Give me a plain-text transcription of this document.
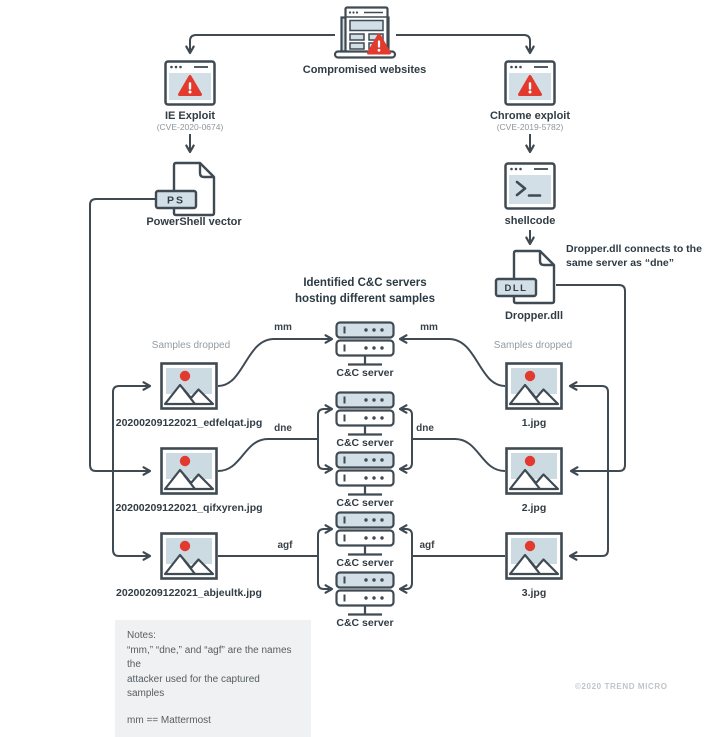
Compromised websites
IE Exploit
(CVE-2020-0674)
Chrome exploit
(CVE-2019-5782)
PS
PowerShell vector	shellcode
DLL
Dropper.dll
Dropper.dll connects to the same server as “dne”
Identified C&C servers
hosting different samples
C&C server
C&C server
C&C server
C&C server
C&C server
Samples dropped	Samples dropped
20200209122021_edfelqat.jpg
20200209122021_qifxyren.jpg
20200209122021_abjeultk.jpg
1.jpg
2.jpg
3.jpg
mm	mm
dne	dne
agf	agf
Notes:
“mm,” “dne,” and “agf” are the names the
attacker used for the captured samples
mm == Mattermost
©2020 TREND MICRO
